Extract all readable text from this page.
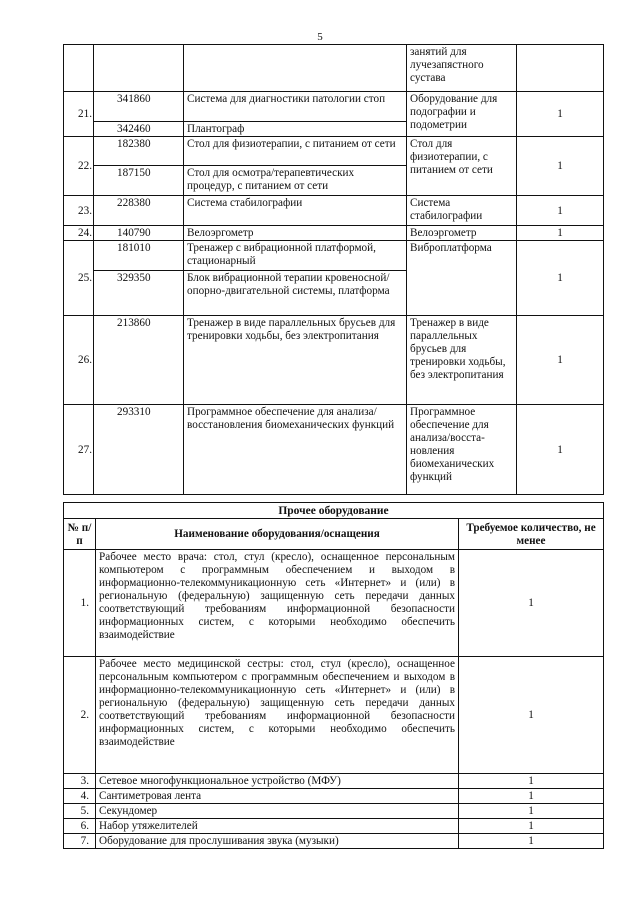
5
			занятий для лучезапястного сустава	
21.	341860	Система для диагностики патологии стоп	Оборудование для подографии и подометрии	1
	342460	Плантограф		
22.	182380	Стол для физиотерапии, с питанием от сети	Стол для физиотерапии, с питанием от сети	1
	187150	Стол для осмотра/терапевтических процедур, с питанием от сети		
23.	228380	Система стабилографии	Система стабилографии	1
24.	140790	Велоэргометр	Велоэргометр	1
25.	181010	Тренажер с вибрационной платформой, стационарный	Виброплатформа	1
	329350	Блок вибрационной терапии кровеносной/опорно-двигательной системы, платформа		
26.	213860	Тренажер в виде параллельных брусьев для тренировки ходьбы, без электропитания	Тренажер в виде параллельных брусьев для тренировки ходьбы, без электропитания	1
27.	293310	Программное обеспечение для анализа/восстановления биомеханических функций	Программное обеспечение для анализа/восста-новления биомеханических функций	1
Прочее оборудование		
№ п/п	Наименование оборудования/оснащения	Требуемое количество, не менее
1.	Рабочее место врача: стол, стул (кресло), оснащенное персональным компьютером с программным обеспечением и выходом в информационно-телекоммуникационную сеть «Интернет» и (или) в региональную (федеральную) защищенную сеть передачи данных соответствующий требованиям информационной безопасности информационных систем, с которыми необходимо обеспечить взаимодействие	1
2.	Рабочее место медицинской сестры: стол, стул (кресло), оснащенное персональным компьютером с программным обеспечением и выходом в информационно-телекоммуникационную сеть «Интернет» и (или) в региональную (федеральную) защищенную сеть передачи данных соответствующий требованиям информационной безопасности информационных систем, с которыми необходимо обеспечить взаимодействие	1
3.	Сетевое многофункциональное устройство (МФУ)	1
4.	Сантиметровая лента	1
5.	Секундомер	1
6.	Набор утяжелителей	1
7.	Оборудование для прослушивания звука (музыки)	1
